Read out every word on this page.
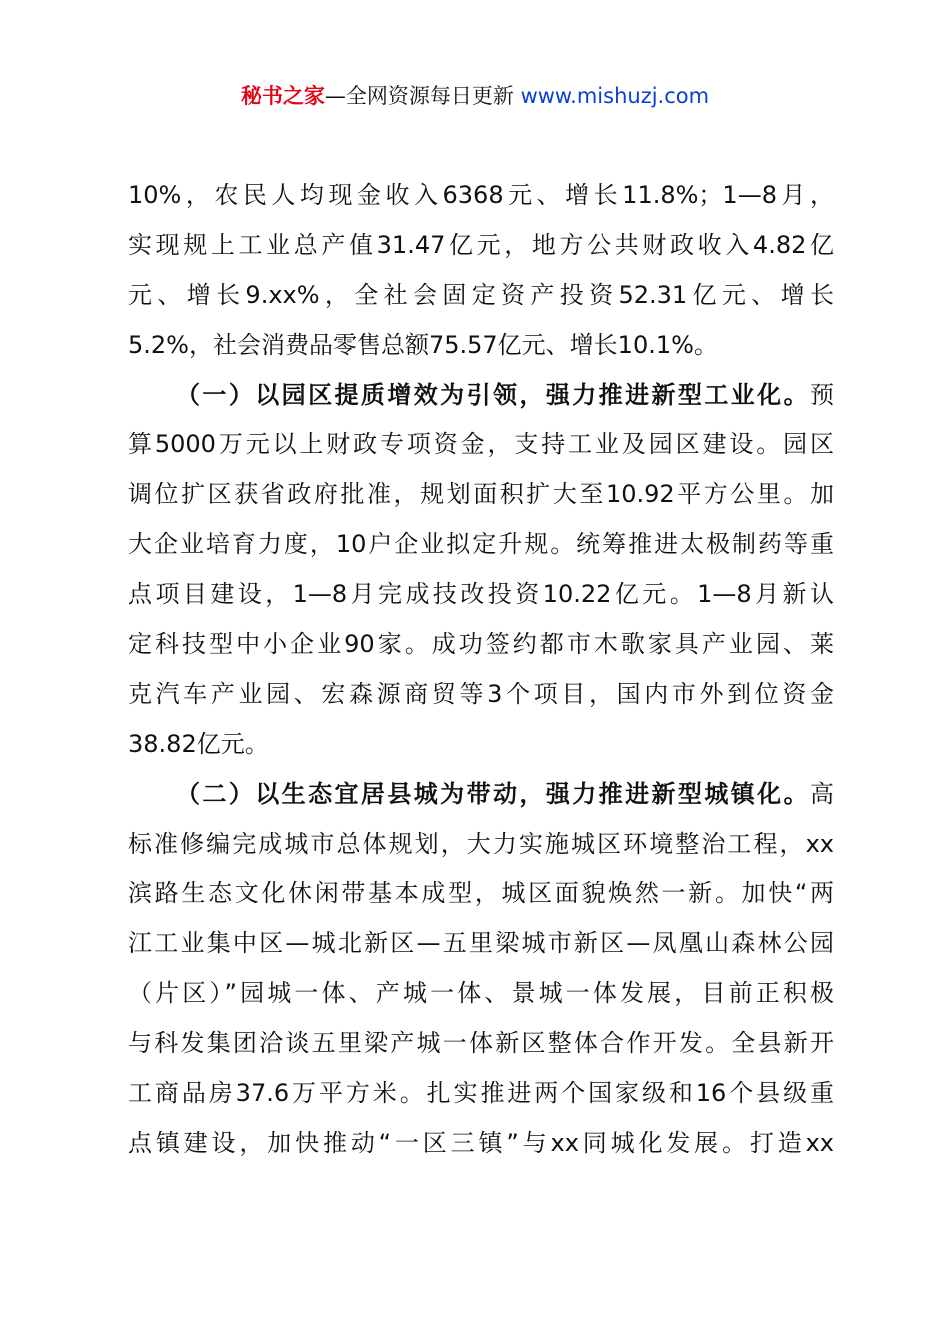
秘书之家—全网资源每日更新 www.mishuzj.com
10%，农民人均现金收入6368元、增长11.8%；1—8月，
实现规上工业总产值31.47亿元，地方公共财政收入4.82亿
元、增长9.xx%，全社会固定资产投资52.31亿元、增长
5.2%，社会消费品零售总额75.57亿元、增长10.1%。
（一）以园区提质增效为引领，强力推进新型工业化。预
算5000万元以上财政专项资金，支持工业及园区建设。园区
调位扩区获省政府批准，规划面积扩大至10.92平方公里。加
大企业培育力度，10户企业拟定升规。统筹推进太极制药等重
点项目建设，1—8月完成技改投资10.22亿元。1—8月新认
定科技型中小企业90家。成功签约都市木歌家具产业园、莱
克汽车产业园、宏森源商贸等3个项目，国内市外到位资金
38.82亿元。
（二）以生态宜居县城为带动，强力推进新型城镇化。高
标准修编完成城市总体规划，大力实施城区环境整治工程，xx
滨路生态文化休闲带基本成型，城区面貌焕然一新。加快“两
江工业集中区—城北新区—五里梁城市新区—凤凰山森林公园
（片区）”园城一体、产城一体、景城一体发展，目前正积极
与科发集团洽谈五里梁产城一体新区整体合作开发。全县新开
工商品房37.6万平方米。扎实推进两个国家级和16个县级重
点镇建设，加快推动“一区三镇”与xx同城化发展。打造xx
